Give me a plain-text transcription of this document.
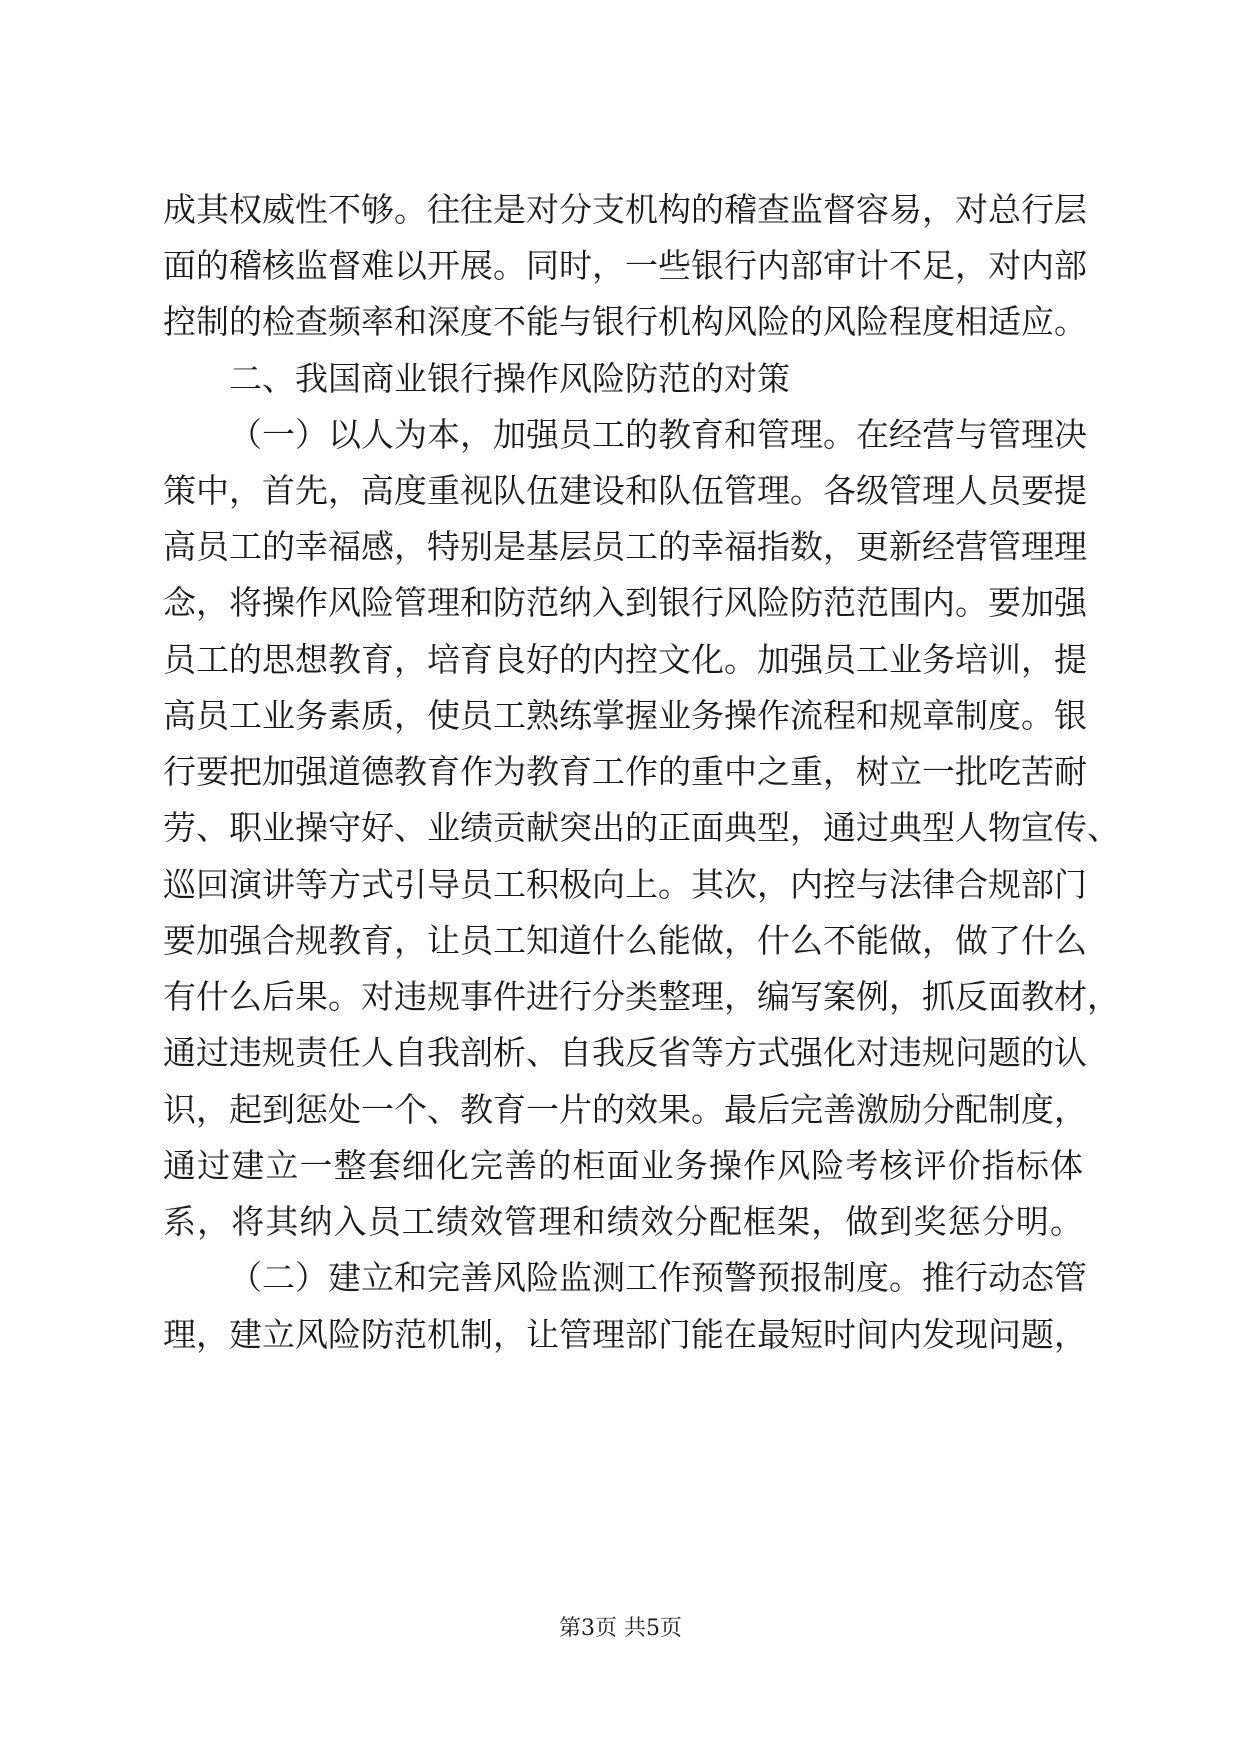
成其权威性不够。往往是对分支机构的稽查监督容易，对总行层
面的稽核监督难以开展。同时，一些银行内部审计不足，对内部
控制的检查频率和深度不能与银行机构风险的风险程度相适应。
二、我国商业银行操作风险防范的对策
（一）以人为本，加强员工的教育和管理。在经营与管理决
策中，首先，高度重视队伍建设和队伍管理。各级管理人员要提
高员工的幸福感，特别是基层员工的幸福指数，更新经营管理理
念，将操作风险管理和防范纳入到银行风险防范范围内。要加强
员工的思想教育，培育良好的内控文化。加强员工业务培训，提
高员工业务素质，使员工熟练掌握业务操作流程和规章制度。银
行要把加强道德教育作为教育工作的重中之重，树立一批吃苦耐
劳、职业操守好、业绩贡献突出的正面典型，通过典型人物宣传、
巡回演讲等方式引导员工积极向上。其次，内控与法律合规部门
要加强合规教育，让员工知道什么能做，什么不能做，做了什么
有什么后果。对违规事件进行分类整理，编写案例，抓反面教材，
通过违规责任人自我剖析、自我反省等方式强化对违规问题的认
识，起到惩处一个、教育一片的效果。最后完善激励分配制度，
通过建立一整套细化完善的柜面业务操作风险考核评价指标体
系，将其纳入员工绩效管理和绩效分配框架，做到奖惩分明。
（二）建立和完善风险监测工作预警预报制度。推行动态管
理，建立风险防范机制，让管理部门能在最短时间内发现问题，
第3页 共5页
